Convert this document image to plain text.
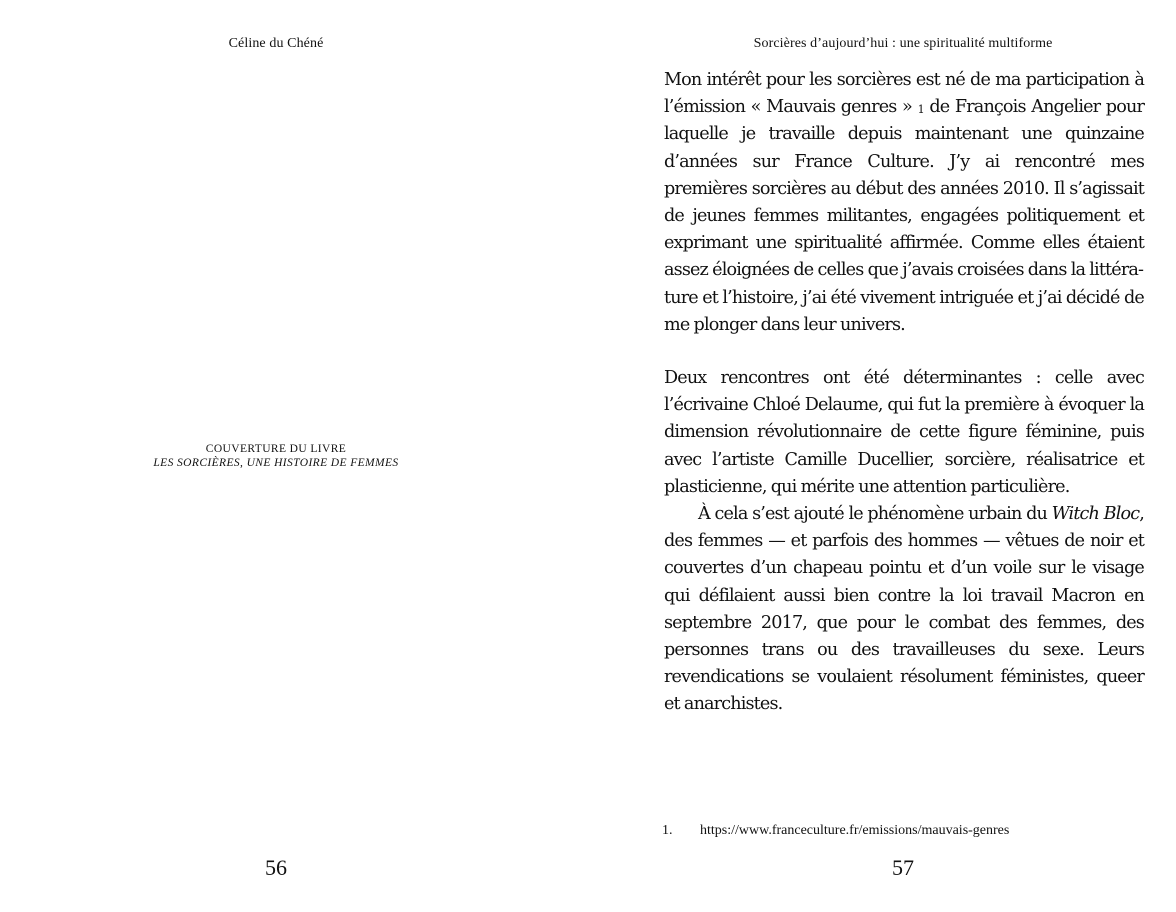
Céline du Chéné
COUVERTURE DU LIVRE
LES SORCIÈRES, UNE HISTOIRE DE FEMMES
56
Sorcières d’aujourd’hui : une spiritualité multiforme

Mon intérêt pour les sorcières est né de ma participation à l’émission « Mauvais genres » $^1$ de François Angelier pour laquelle je travaille depuis maintenant une quinzaine d’années sur France Culture. J’y ai rencontré mes premières sorcières au début des années 2010. Il s’agissait de jeunes femmes militantes, engagées politiquement et exprimant une spiritualité affirmée. Comme elles étaient assez éloignées de celles que j’avais croisées dans la littérature et l’histoire, j’ai été vivement intriguée et j’ai décidé de me plonger dans leur univers.

Deux rencontres ont été déterminantes : celle avec l’écrivaine Chloé Delaume, qui fut la première à évoquer la dimension révolutionnaire de cette figure féminine, puis avec l’artiste Camille Ducellier, sorcière, réalisatrice et plasticienne, qui mérite une attention particulière.

À cela s’est ajouté le phénomène urbain du Witch Bloc, des femmes — et parfois des hommes — vêtues de noir et couvertes d’un chapeau pointu et d’un voile sur le visage qui défilaient aussi bien contre la loi travail Macron en septembre 2017, que pour le combat des femmes, des personnes trans ou des travailleuses du sexe. Leurs revendications se voulaient résolument féministes, queer et anarchistes.

1. https://www.franceculture.fr/emissions/mauvais-genres
57
